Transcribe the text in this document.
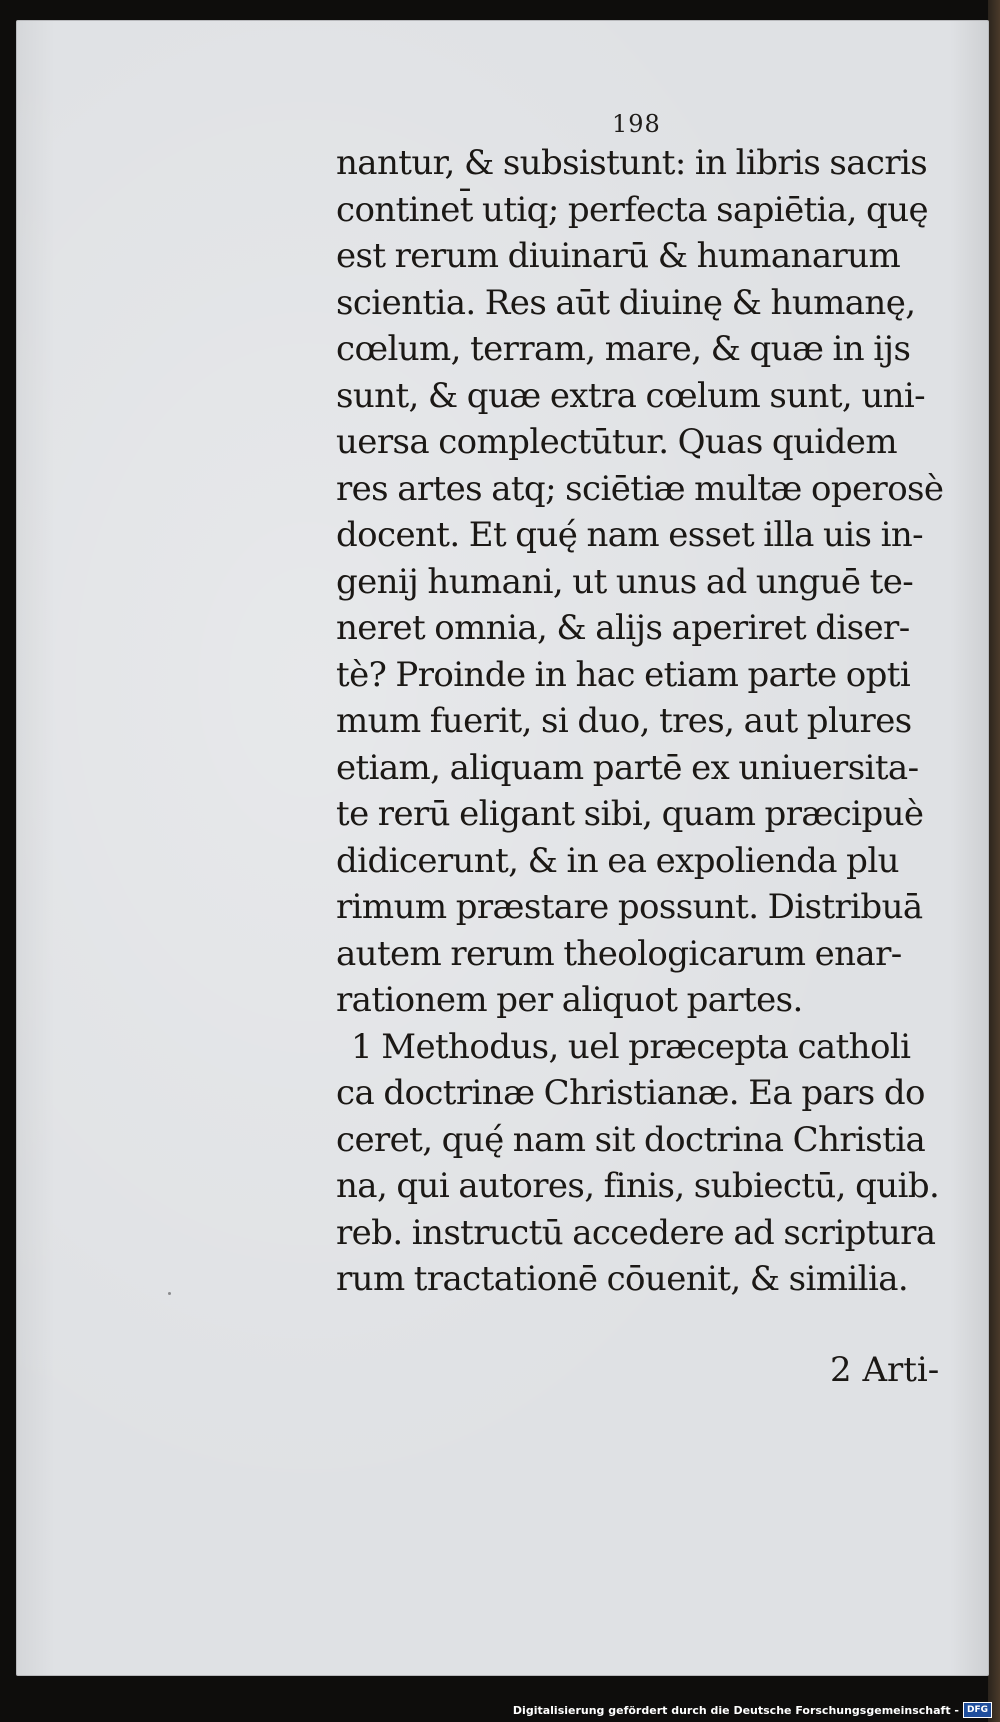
198
nantur, & subsistunt: in libris sacris
continet̄ utiq; perfecta sapiētia, quę
est rerum diuinarū & humanarum
scientia. Res aūt diuinę & humanę,
cœlum, terram, mare, & quæ in ijs
sunt, & quæ extra cœlum sunt, uni-
uersa complectūtur. Quas quidem
res artes atq; sciētiæ multæ operosè
docent. Et quę́ nam esset illa uis in-
genij humani, ut unus ad unguē te-
neret omnia, & alijs aperiret diser-
tè? Proinde in hac etiam parte opti
mum fuerit, si duo, tres, aut plures
etiam, aliquam partē ex uniuersita-
te rerū eligant sibi, quam præcipuè
didicerunt, & in ea expolienda plu
rimum præstare possunt. Distribuā
autem rerum theologicarum enar-
rationem per aliquot partes.
1 Methodus, uel præcepta catholi
ca doctrinæ Christianæ. Ea pars do
ceret, quę́ nam sit doctrina Christia
na, qui autores, finis, subiectū, quib.
reb. instructū accedere ad scriptura
rum tractationē cōuenit, & similia.
2 Arti-
Digitalisierung gefördert durch die Deutsche Forschungsgemeinschaft - DFG
